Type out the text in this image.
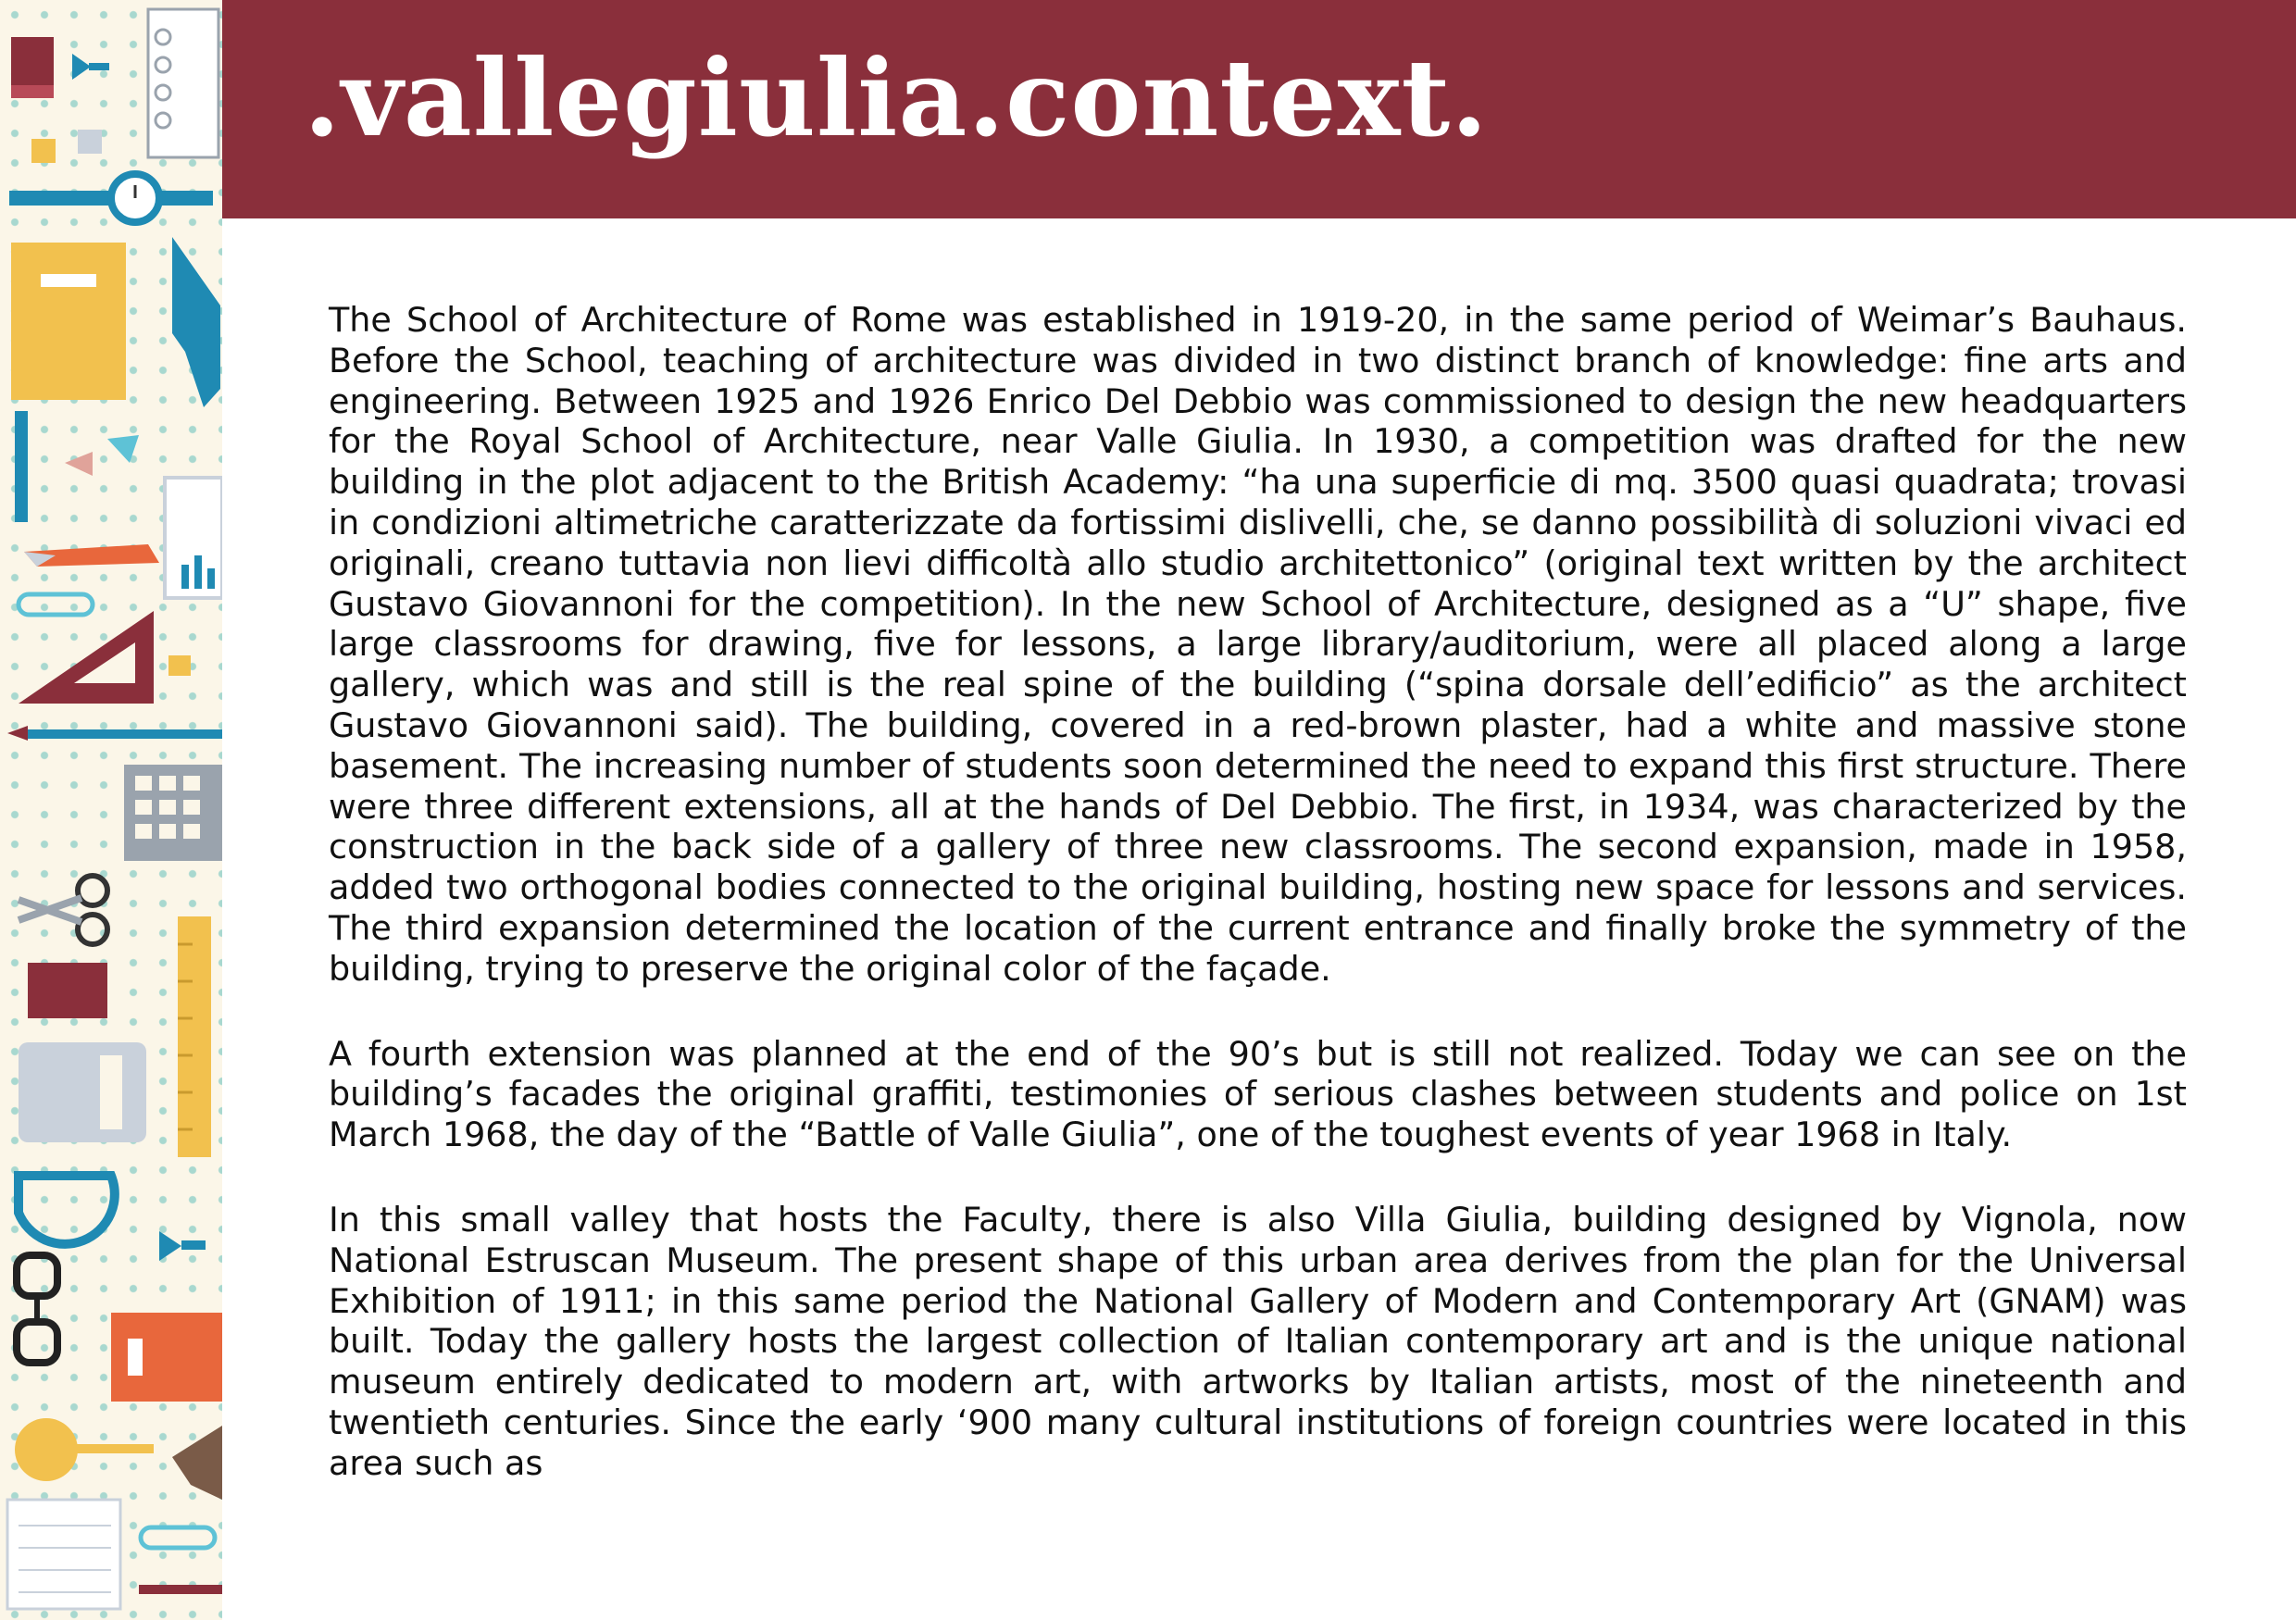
.vallegiulia.context.

The School of Architecture of Rome was established in 1919-20, in the same period of Weimar’s Bauhaus. Before the School, teaching of architecture was divided in two distinct branch of knowledge: fine arts and engineering. Between 1925 and 1926 Enrico Del Debbio was commissioned to design the new headquarters for the Royal School of Architecture, near Valle Giulia. In 1930, a competition was drafted for the new building in the plot adjacent to the British Academy: “ha una superficie di mq. 3500 quasi quadrata; trovasi in condizioni altimetriche caratterizzate da fortissimi dislivelli, che, se danno possibilità di soluzioni vivaci ed originali, creano tuttavia non lievi difficoltà allo studio architettonico” (original text written by the architect Gustavo Giovannoni for the competition). In the new School of Architecture, designed as a “U” shape, five large classrooms for drawing, five for lessons, a large library/auditorium, were all placed along a large gallery, which was and still is the real spine of the building (“spina dorsale dell’edificio” as the architect Gustavo Giovannoni said). The building, covered in a red-brown plaster, had a white and massive stone basement. The increasing number of students soon determined the need to expand this first structure. There were three different extensions, all at the hands of Del Debbio. The first, in 1934, was characterized by the construction in the back side of a gallery of three new classrooms. The second expansion, made in 1958, added two orthogonal bodies connected to the original building, hosting new space for lessons and services. The third expansion determined the location of the current entrance and finally broke the symmetry of the building, trying to preserve the original color of the façade.

A fourth extension was planned at the end of the 90’s but is still not realized. Today we can see on the building’s facades the original graffiti, testimonies of serious clashes between students and police on 1st March 1968, the day of the “Battle of Valle Giulia”, one of the toughest events of year 1968 in Italy.

In this small valley that hosts the Faculty, there is also Villa Giulia, building designed by Vignola, now National Estruscan Museum. The present shape of this urban area derives from the plan for the Universal Exhibition of 1911; in this same period the National Gallery of Modern and Contemporary Art (GNAM) was built. Today the gallery hosts the largest collection of Italian contemporary art and is the unique national museum entirely dedicated to modern art, with artworks by Italian artists, most of the nineteenth and twentieth centuries. Since the early ‘900 many cultural institutions of foreign countries were located in this area such as
